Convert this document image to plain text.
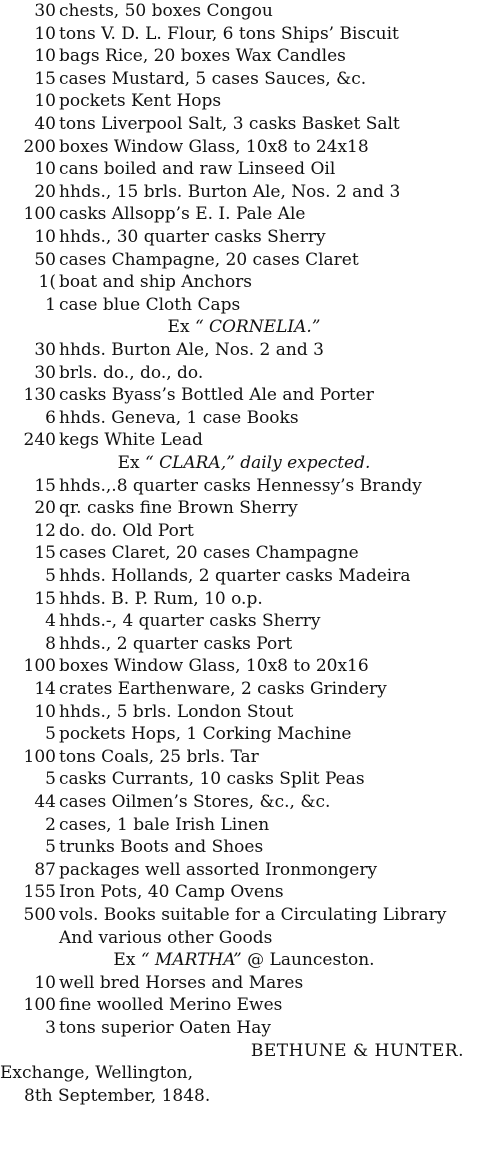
30 chests, 50 boxes Congou
10 tons V. D. L. Flour, 6 tons Ships’ Biscuit
10 bags Rice, 20 boxes Wax Candles
15 cases Mustard, 5 cases Sauces, &c.
10 pockets Kent Hops
40 tons Liverpool Salt, 3 casks Basket Salt
200 boxes Window Glass, 10x8 to 24x18
10 cans boiled and raw Linseed Oil
20 hhds., 15 brls. Burton Ale, Nos. 2 and 3
100 casks Allsopp’s E. I. Pale Ale
10 hhds., 30 quarter casks Sherry
50 cases Champagne, 20 cases Claret
1( boat and ship Anchors
1 case blue Cloth Caps
Ex “ CORNELIA.”
30 hhds. Burton Ale, Nos. 2 and 3
30 brls. do., do., do.
130 casks Byass’s Bottled Ale and Porter
6 hhds. Geneva, 1 case Books
240 kegs White Lead
Ex “ CLARA,” daily expected.
15 hhds.,.8 quarter casks Hennessy’s Brandy
20 qr. casks fine Brown Sherry
12 do. do. Old Port
15 cases Claret, 20 cases Champagne
5 hhds. Hollands, 2 quarter casks Madeira
15 hhds. B. P. Rum, 10 o.p.
4 hhds.-, 4 quarter casks Sherry
8 hhds., 2 quarter casks Port
100 boxes Window Glass, 10x8 to 20x16
14 crates Earthenware, 2 casks Grindery
10 hhds., 5 brls. London Stout
5 pockets Hops, 1 Corking Machine
100 tons Coals, 25 brls. Tar
5 casks Currants, 10 casks Split Peas
44 cases Oilmen’s Stores, &c., &c.
2 cases, 1 bale Irish Linen
5 trunks Boots and Shoes
87 packages well assorted Ironmongery
155 Iron Pots, 40 Camp Ovens
500 vols. Books suitable for a Circulating Library
And various other Goods
Ex “ MARTHA” @ Launceston.
10 well bred Horses and Mares
100 fine woolled Merino Ewes
3 tons superior Oaten Hay
BETHUNE & HUNTER.
Exchange, Wellington,
8th September, 1848.
